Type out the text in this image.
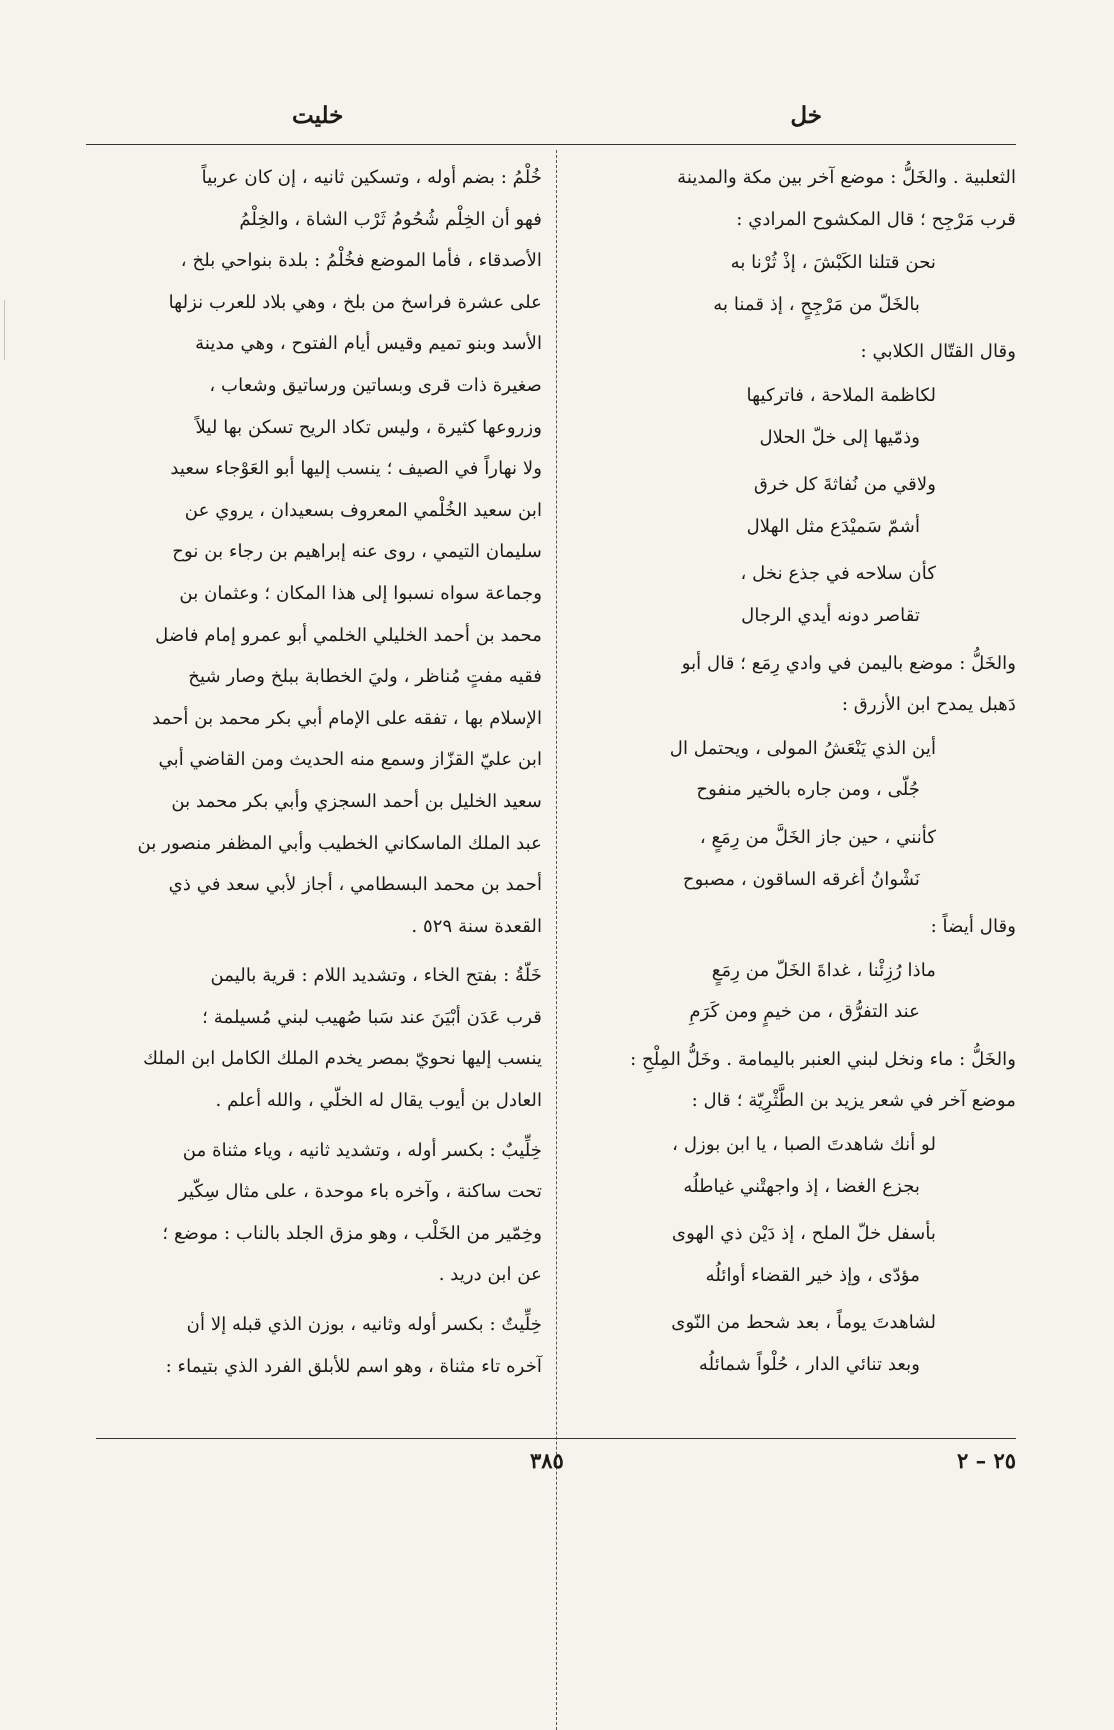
خل
خليت

الثعلبية . والخَلُّ : موضع آخر بين مكة والمدينة
قرب مَرْجِح ؛ قال المكشوح المرادي :

نحن قتلنا الكَبْشَ ، إذْ ثُرْنا به
بالخَلّ من مَرْجِحٍ ، إذ قمنا به

وقال القتّال الكلابي :

لكاظمة الملاحة ، فاتركيها
وذمّيها إلى خلّ الحلال
ولاقي من نُفاثةَ كل خرق
أشمّ سَميْدَع مثل الهلال
كأن سلاحه في جذع نخل ،
تقاصر دونه أيدي الرجال

والخَلُّ : موضع باليمن في وادي رِمَع ؛ قال أبو
دَهبل يمدح ابن الأزرق :

أين الذي يَنْعَشُ المولى ، ويحتمل ال
جُلّى ، ومن جاره بالخير منفوح
كأنني ، حين جاز الخَلَّ من رِمَعٍ ،
نَشْوانُ أغرقه الساقون ، مصبوح

وقال أيضاً :

ماذا رُزِئْنا ، غداةَ الخَلّ من رِمَعٍ
عند التفرُّق ، من خيمٍ ومن كَرَمِ

والخَلُّ : ماء ونخل لبني العنبر باليمامة . وخَلُّ المِلْحِ :
موضع آخر في شعر يزيد بن الطَّثْرِيّة ؛ قال :

لو أنك شاهدتَ الصبا ، يا ابن بوزل ،
بجزع الغضا ، إذ واجهتْني غياطلُه
بأسفل خلّ الملح ، إذ دَيْن ذي الهوى
مؤدّى ، وإذ خير القضاء أوائلُه
لشاهدتَ يوماً ، بعد شحط من النّوى
وبعد تنائي الدار ، حُلْواً شمائلُه
خُلْمُ : بضم أوله ، وتسكين ثانيه ، إن كان عربياً
فهو أن الخِلْم شُحُومُ ثَرْب الشاة ، والخِلْمُ
الأصدقاء ، فأما الموضع فخُلْمُ : بلدة بنواحي بلخ ،
على عشرة فراسخ من بلخ ، وهي بلاد للعرب نزلها
الأسد وبنو تميم وقيس أيام الفتوح ، وهي مدينة
صغيرة ذات قرى وبساتين ورساتيق وشعاب ،
وزروعها كثيرة ، وليس تكاد الريح تسكن بها ليلاً
ولا نهاراً في الصيف ؛ ينسب إليها أبو العَوْجاء سعيد
ابن سعيد الخُلْمي المعروف بسعيدان ، يروي عن
سليمان التيمي ، روى عنه إبراهيم بن رجاء بن نوح
وجماعة سواه نسبوا إلى هذا المكان ؛ وعثمان بن
محمد بن أحمد الخليلي الخلمي أبو عمرو إمام فاضل
فقيه مفتٍ مُناظر ، وليَ الخطابة ببلخ وصار شيخ
الإسلام بها ، تفقه على الإمام أبي بكر محمد بن أحمد
ابن عليّ القزّاز وسمع منه الحديث ومن القاضي أبي
سعيد الخليل بن أحمد السجزي وأبي بكر محمد بن
عبد الملك الماسكاني الخطيب وأبي المظفر منصور بن
أحمد بن محمد البسطامي ، أجاز لأبي سعد في ذي
القعدة سنة ٥٢٩ .
خَلّةُ : بفتح الخاء ، وتشديد اللام : قرية باليمن
قرب عَدَن أبْيَنَ عند سَبا صُهيب لبني مُسيلمة ؛
ينسب إليها نحويّ بمصر يخدم الملك الكامل ابن الملك
العادل بن أيوب يقال له الخلّي ، والله أعلم .
خِلِّيبٌ : بكسر أوله ، وتشديد ثانيه ، وياء مثناة من
تحت ساكنة ، وآخره باء موحدة ، على مثال سِكّير
وخِمّير من الخَلْب ، وهو مزق الجلد بالناب : موضع ؛
عن ابن دريد .
خِلِّيتٌ : بكسر أوله وثانيه ، بوزن الذي قبله إلا أن
آخره تاء مثناة ، وهو اسم للأبلق الفرد الذي بتيماء :
٣٨٥	٢٥ – ٢
